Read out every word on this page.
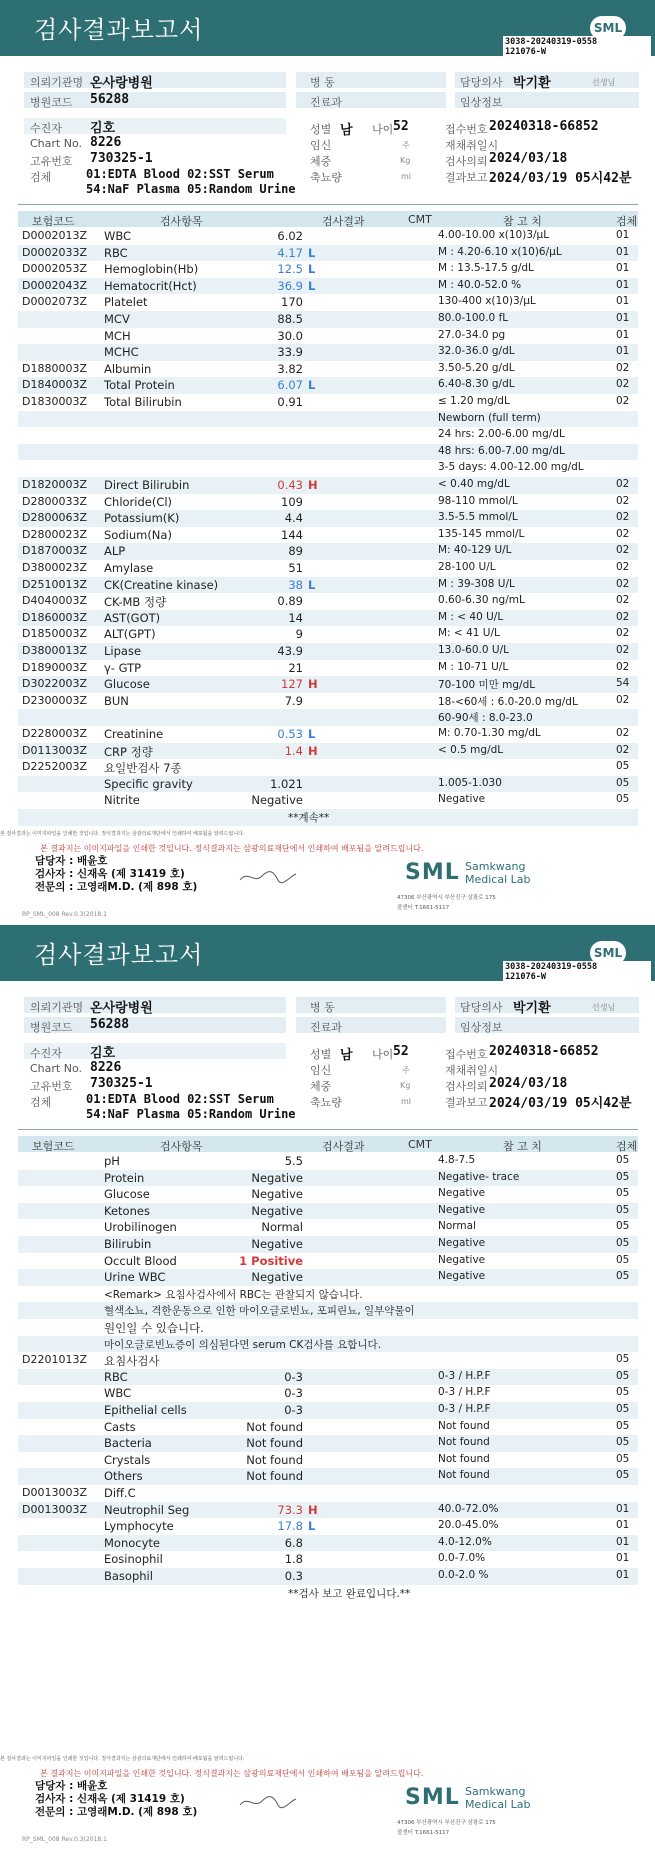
검사결과보고서	SML
3038-20240319-0558
121076-W
의뢰기관명 온사랑병원
병원코드 56288
병 동
진료과
담당의사 박기환	선생님
임상정보
수진자 김호
Chart No. 8226
고유번호 730325-1
검체	01:EDTA Blood 02:SST Serum
54:NaF Plasma 05:Random Urine
성별 남 나이 52
임신	주
체중	Kg
축뇨량	ml
접수번호 20240318-66852
재채취일시
검사의뢰 2024/03/18
결과보고 2024/03/19 05시42분
보험코드	검사항목	검사결과	CMT	참 고 치	검체
D0002013Z WBC	6.02	4.00-10.00 x(10)3/µL	01
D0002033Z RBC	4.17 L	M : 4.20-6.10 x(10)6/µL	01
D0002053Z Hemoglobin(Hb)	12.5 L	M : 13.5-17.5 g/dL	01
D0002043Z Hematocrit(Hct)	36.9 L	M : 40.0-52.0 %	01
D0002073Z Platelet	170	130-400 x(10)3/µL	01
MCV	88.5	80.0-100.0 fL	01
MCH	30.0	27.0-34.0 pg	01
MCHC	33.9	32.0-36.0 g/dL	01
D1880003Z Albumin	3.82	3.50-5.20 g/dL	02
D1840003Z Total Protein	6.07 L	6.40-8.30 g/dL	02
D1830003Z Total Bilirubin	0.91	≤ 1.20 mg/dL	02
Newborn (full term)
24 hrs: 2.00-6.00 mg/dL
48 hrs: 6.00-7.00 mg/dL
3-5 days: 4.00-12.00 mg/dL
D1820003Z Direct Bilirubin	0.43 H	< 0.40 mg/dL	02
D2800033Z Chloride(Cl)	109	98-110 mmol/L	02
D2800063Z Potassium(K)	4.4	3.5-5.5 mmol/L	02
D2800023Z Sodium(Na)	144	135-145 mmol/L	02
D1870003Z ALP	89	M: 40-129 U/L	02
D3800023Z Amylase	51	28-100 U/L	02
D2510013Z CK(Creatine kinase)	38 L	M : 39-308 U/L	02
D4040003Z CK-MB 정량	0.89	0.60-6.30 ng/mL	02
D1860003Z AST(GOT)	14	M : < 40 U/L	02
D1850003Z ALT(GPT)	9	M: < 41 U/L	02
D3800013Z Lipase	43.9	13.0-60.0 U/L	02
D1890003Z γ- GTP	21	M : 10-71 U/L	02
D3022003Z Glucose	127 H	70-100 미만 mg/dL	54
D2300003Z BUN	7.9	18-<60세 : 6.0-20.0 mg/dL	02
60-90세 : 8.0-23.0
D2280003Z Creatinine	0.53 L	M: 0.70-1.30 mg/dL	02
D0113003Z CRP 정량	1.4 H	< 0.5 mg/dL	02
D2252003Z 요일반검사 7종	05
Specific gravity	1.021	1.005-1.030	05
Nitrite	Negative	Negative	05
**계속**
본 검사결과는 이미지파일을 인쇄한 것입니다. 정식결과지는 삼광의료재단에서 인쇄하여 배포됨을 알려드립니다.
본 결과지는 이미지파일을 인쇄한 것입니다. 정식결과지는 삼광의료재단에서 인쇄하여 배포됨을 알려드립니다.
담당자 : 배윤호
검사자 : 신재옥 (제 31419 호)
전문의 : 고영래M.D. (제 898 호)
SML Samkwang
Medical Lab
47306 부산광역시 부산진구 삼광로 175
콜센터 T.1661-5117
RP_SML_008 Rev.0.3(2018.1
검사결과보고서	SML
3038-20240319-0558
121076-W
의뢰기관명 온사랑병원
병원코드 56288
병 동
진료과
담당의사 박기환	선생님
임상정보
수진자 김호
Chart No. 8226
고유번호 730325-1
검체	01:EDTA Blood 02:SST Serum
54:NaF Plasma 05:Random Urine
성별 남 나이 52
임신	주
체중	Kg
축뇨량	ml
접수번호 20240318-66852
재채취일시
검사의뢰 2024/03/18
결과보고 2024/03/19 05시42분
보험코드	검사항목	검사결과	CMT	참 고 치	검체
pH	5.5	4.8-7.5	05
Protein	Negative	Negative- trace	05
Glucose	Negative	Negative	05
Ketones	Negative	Negative	05
Urobilinogen	Normal	Normal	05
Bilirubin	Negative	Negative	05
Occult Blood	1 Positive	Negative	05
Urine WBC	Negative	Negative	05
<Remark> 요침사검사에서 RBC는 관찰되지 않습니다.
혈색소뇨, 격한운동으로 인한 마이오글로빈뇨, 포피린뇨, 일부약물이
원인일 수 있습니다.
마이오글로빈뇨증이 의심된다면 serum CK검사를 요합니다.
D2201013Z 요침사검사	05
RBC	0-3	0-3 / H.P.F	05
WBC	0-3	0-3 / H.P.F	05
Epithelial cells	0-3	0-3 / H.P.F	05
Casts	Not found	Not found	05
Bacteria	Not found	Not found	05
Crystals	Not found	Not found	05
Others	Not found	Not found	05
D0013003Z Diff.C
D0013003Z Neutrophil Seg	73.3 H	40.0-72.0%	01
Lymphocyte	17.8 L	20.0-45.0%	01
Monocyte	6.8	4.0-12.0%	01
Eosinophil	1.8	0.0-7.0%	01
Basophil	0.3	0.0-2.0 %	01
**검사 보고 완료입니다.**
본 검사결과는 이미지파일을 인쇄한 것입니다. 정식결과지는 삼광의료재단에서 인쇄하여 배포됨을 알려드립니다.
본 결과지는 이미지파일을 인쇄한 것입니다. 정식결과지는 삼광의료재단에서 인쇄하여 배포됨을 알려드립니다.
담당자 : 배윤호
검사자 : 신재옥 (제 31419 호)
전문의 : 고영래M.D. (제 898 호)
SML Samkwang
Medical Lab
47306 부산광역시 부산진구 삼광로 175
콜센터 T.1661-5117
RP_SML_008 Rev.0.3(2018.1
